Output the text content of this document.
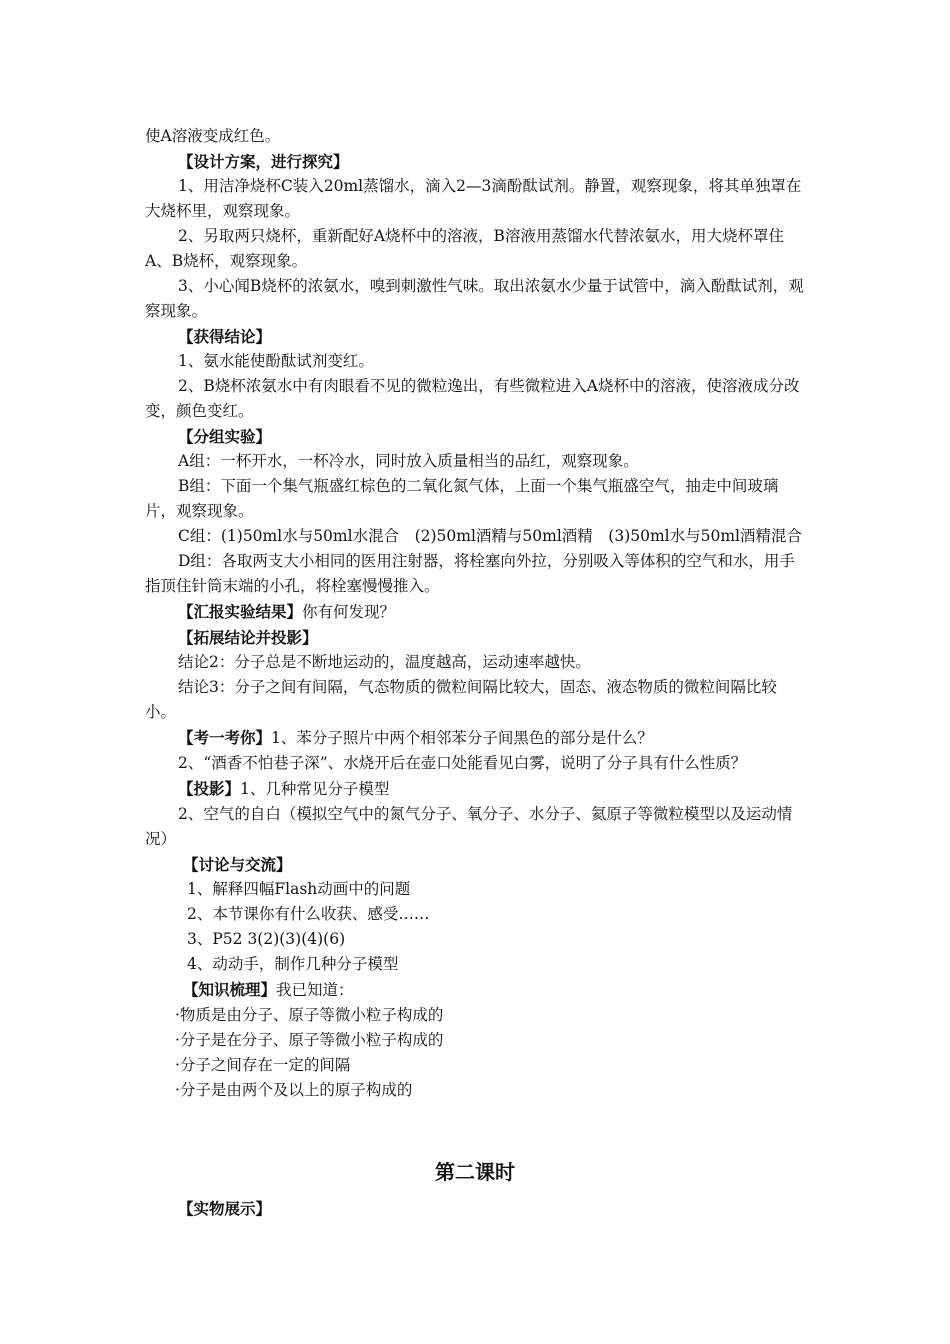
使A溶液变成红色。

【设计方案，进行探究】

1、用洁净烧杯C装入20ml蒸馏水，滴入2—3滴酚酞试剂。静置，观察现象，将其单独罩在大烧杯里，观察现象。

2、另取两只烧杯，重新配好A烧杯中的溶液，B溶液用蒸馏水代替浓氨水，用大烧杯罩住A、B烧杯，观察现象。

3、小心闻B烧杯的浓氨水，嗅到刺激性气味。取出浓氨水少量于试管中，滴入酚酞试剂，观察现象。

【获得结论】

1、氨水能使酚酞试剂变红。

2、B烧杯浓氨水中有肉眼看不见的微粒逸出，有些微粒进入A烧杯中的溶液，使溶液成分改变，颜色变红。

【分组实验】

A组：一杯开水，一杯冷水，同时放入质量相当的品红，观察现象。

B组：下面一个集气瓶盛红棕色的二氧化氮气体，上面一个集气瓶盛空气，抽走中间玻璃片，观察现象。

C组：(1)50ml水与50ml水混合　(2)50ml酒精与50ml酒精　(3)50ml水与50ml酒精混合

D组：各取两支大小相同的医用注射器，将栓塞向外拉，分别吸入等体积的空气和水，用手指顶住针筒末端的小孔，将栓塞慢慢推入。

【汇报实验结果】你有何发现？

【拓展结论并投影】

结论2：分子总是不断地运动的，温度越高，运动速率越快。

结论3：分子之间有间隔，气态物质的微粒间隔比较大，固态、液态物质的微粒间隔比较小。

【考一考你】1、苯分子照片中两个相邻苯分子间黑色的部分是什么？

2、“酒香不怕巷子深”、水烧开后在壶口处能看见白雾，说明了分子具有什么性质？

【投影】1、几种常见分子模型

2、空气的自白（模拟空气中的氮气分子、氧分子、水分子、氦原子等微粒模型以及运动情况）

【讨论与交流】

1、解释四幅Flash动画中的问题

2、本节课你有什么收获、感受……

3、P52 3(2)(3)(4)(6)

4、动动手，制作几种分子模型

【知识梳理】我已知道：

·物质是由分子、原子等微小粒子构成的

·分子是在分子、原子等微小粒子构成的

·分子之间存在一定的间隔

·分子是由两个及以上的原子构成的

第二课时
【实物展示】
